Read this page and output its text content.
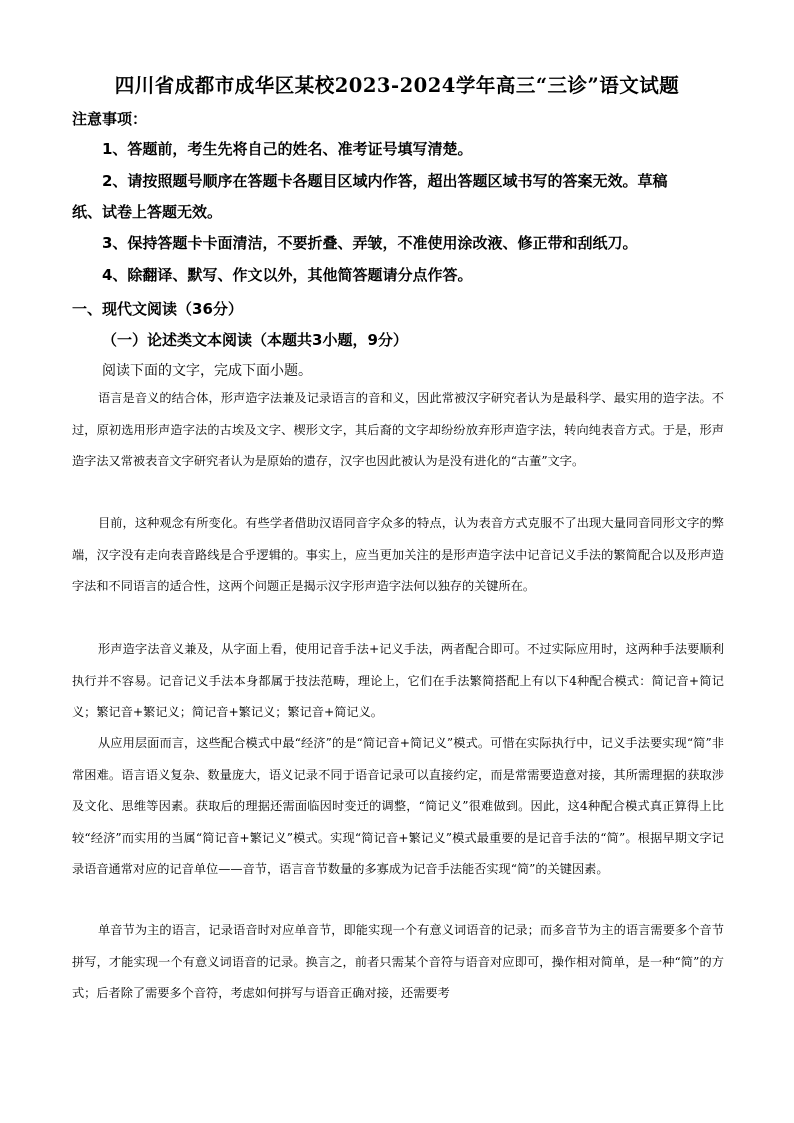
四川省成都市成华区某校2023-2024学年高三“三诊”语文试题
注意事项：
1、答题前，考生先将自己的姓名、准考证号填写清楚。
2、请按照题号顺序在答题卡各题目区域内作答，超出答题区域书写的答案无效。草稿
纸、试卷上答题无效。
3、保持答题卡卡面清洁，不要折叠、弄皱，不准使用涂改液、修正带和刮纸刀。
4、除翻译、默写、作文以外，其他简答题请分点作答。
一、现代文阅读（36分）
（一）论述类文本阅读（本题共3小题，9分）
阅读下面的文字，完成下面小题。
语言是音义的结合体，形声造字法兼及记录语言的音和义，因此常被汉字研究者认为是最科学、最实用的造字法。不过，原初选用形声造字法的古埃及文字、楔形文字，其后裔的文字却纷纷放弃形声造字法，转向纯表音方式。于是，形声造字法又常被表音文字研究者认为是原始的遗存，汉字也因此被认为是没有进化的“古董”文字。
目前，这种观念有所变化。有些学者借助汉语同音字众多的特点，认为表音方式克服不了出现大量同音同形文字的弊端，汉字没有走向表音路线是合乎逻辑的。事实上，应当更加关注的是形声造字法中记音记义手法的繁简配合以及形声造字法和不同语言的适合性，这两个问题正是揭示汉字形声造字法何以独存的关键所在。
形声造字法音义兼及，从字面上看，使用记音手法+记义手法，两者配合即可。不过实际应用时，这两种手法要顺利执行并不容易。记音记义手法本身都属于技法范畴，理论上，它们在手法繁简搭配上有以下4种配合模式：简记音+简记义；繁记音+繁记义；简记音+繁记义；繁记音+简记义。
从应用层面而言，这些配合模式中最“经济”的是“简记音+简记义”模式。可惜在实际执行中，记义手法要实现“简”非常困难。语言语义复杂、数量庞大，语义记录不同于语音记录可以直接约定，而是常需要造意对接，其所需理据的获取涉及文化、思维等因素。获取后的理据还需面临因时变迁的调整，“简记义”很难做到。因此，这4种配合模式真正算得上比较“经济”而实用的当属“简记音+繁记义”模式。实现“简记音+繁记义”模式最重要的是记音手法的“简”。根据早期文字记录语音通常对应的记音单位——音节，语言音节数量的多寡成为记音手法能否实现“简”的关键因素。
单音节为主的语言，记录语音时对应单音节，即能实现一个有意义词语音的记录；而多音节为主的语言需要多个音节拼写，才能实现一个有意义词语音的记录。换言之，前者只需某个音符与语音对应即可，操作相对简单，是一种“简”的方式；后者除了需要多个音符，考虑如何拼写与语音正确对接，还需要考
